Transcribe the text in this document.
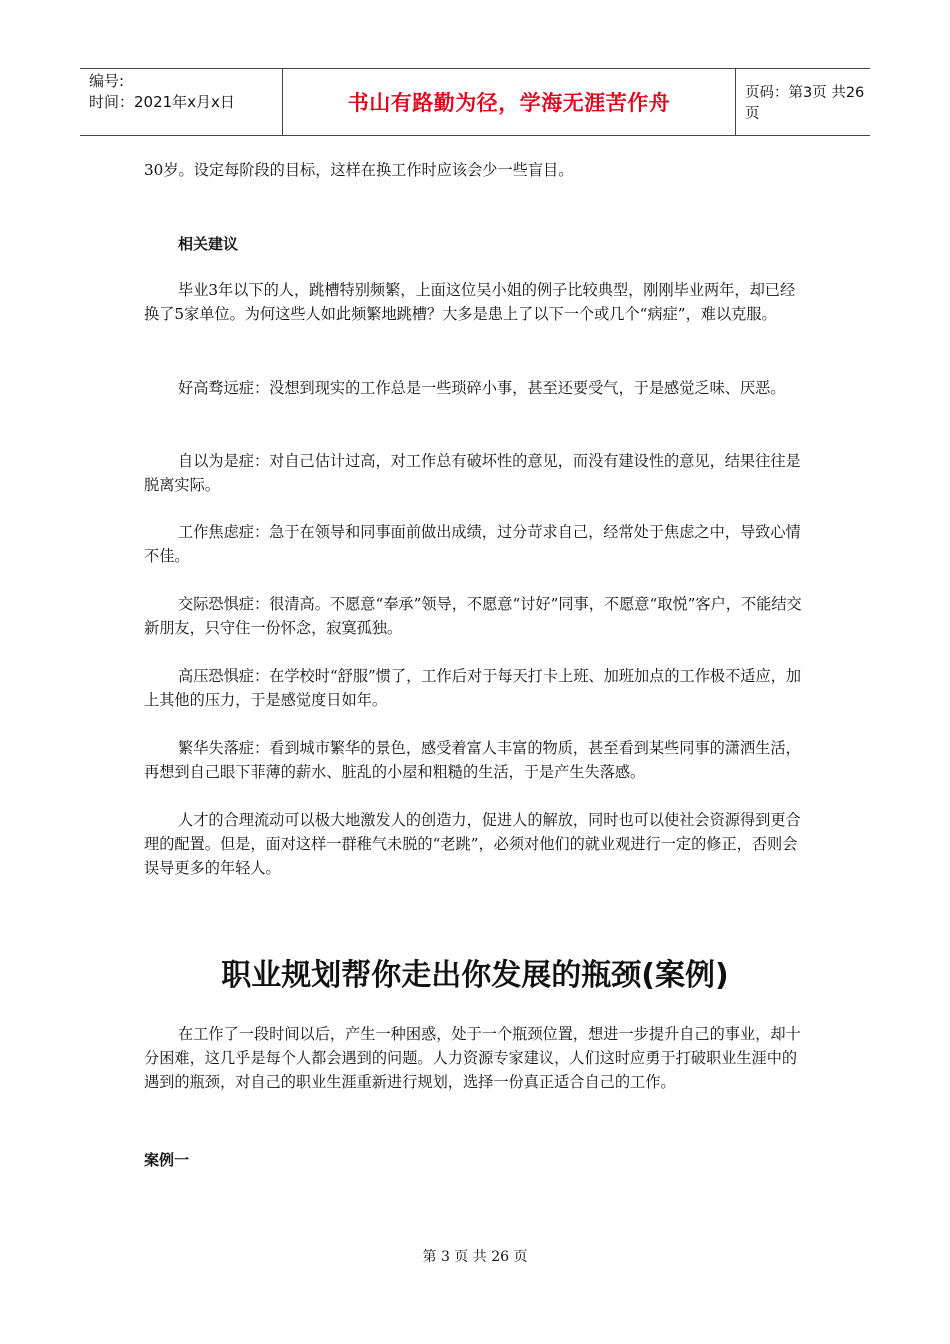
编号:
时间：2021年x月x日	书山有路勤为径，学海无涯苦作舟	页码：第3页 共26页

30岁。设定每阶段的目标，这样在换工作时应该会少一些盲目。

相关建议

毕业3年以下的人，跳槽特别频繁，上面这位吴小姐的例子比较典型，刚刚毕业两年，却已经换了5家单位。为何这些人如此频繁地跳槽？大多是患上了以下一个或几个“病症”，难以克服。

好高骛远症：没想到现实的工作总是一些琐碎小事，甚至还要受气，于是感觉乏味、厌恶。

自以为是症：对自己估计过高，对工作总有破坏性的意见，而没有建设性的意见，结果往往是脱离实际。

工作焦虑症：急于在领导和同事面前做出成绩，过分苛求自己，经常处于焦虑之中，导致心情不佳。

交际恐惧症：很清高。不愿意“奉承”领导，不愿意“讨好”同事，不愿意“取悦”客户，不能结交新朋友，只守住一份怀念，寂寞孤独。

高压恐惧症：在学校时“舒服”惯了，工作后对于每天打卡上班、加班加点的工作极不适应，加上其他的压力，于是感觉度日如年。

繁华失落症：看到城市繁华的景色，感受着富人丰富的物质，甚至看到某些同事的潇洒生活，再想到自己眼下菲薄的薪水、脏乱的小屋和粗糙的生活，于是产生失落感。

人才的合理流动可以极大地激发人的创造力，促进人的解放，同时也可以使社会资源得到更合理的配置。但是，面对这样一群稚气未脱的“老跳”，必须对他们的就业观进行一定的修正，否则会误导更多的年轻人。

职业规划帮你走出你发展的瓶颈(案例)

在工作了一段时间以后，产生一种困惑，处于一个瓶颈位置，想进一步提升自己的事业，却十分困难，这几乎是每个人都会遇到的问题。人力资源专家建议，人们这时应勇于打破职业生涯中的遇到的瓶颈，对自己的职业生涯重新进行规划，选择一份真正适合自己的工作。

案例一

第 3 页 共 26 页
